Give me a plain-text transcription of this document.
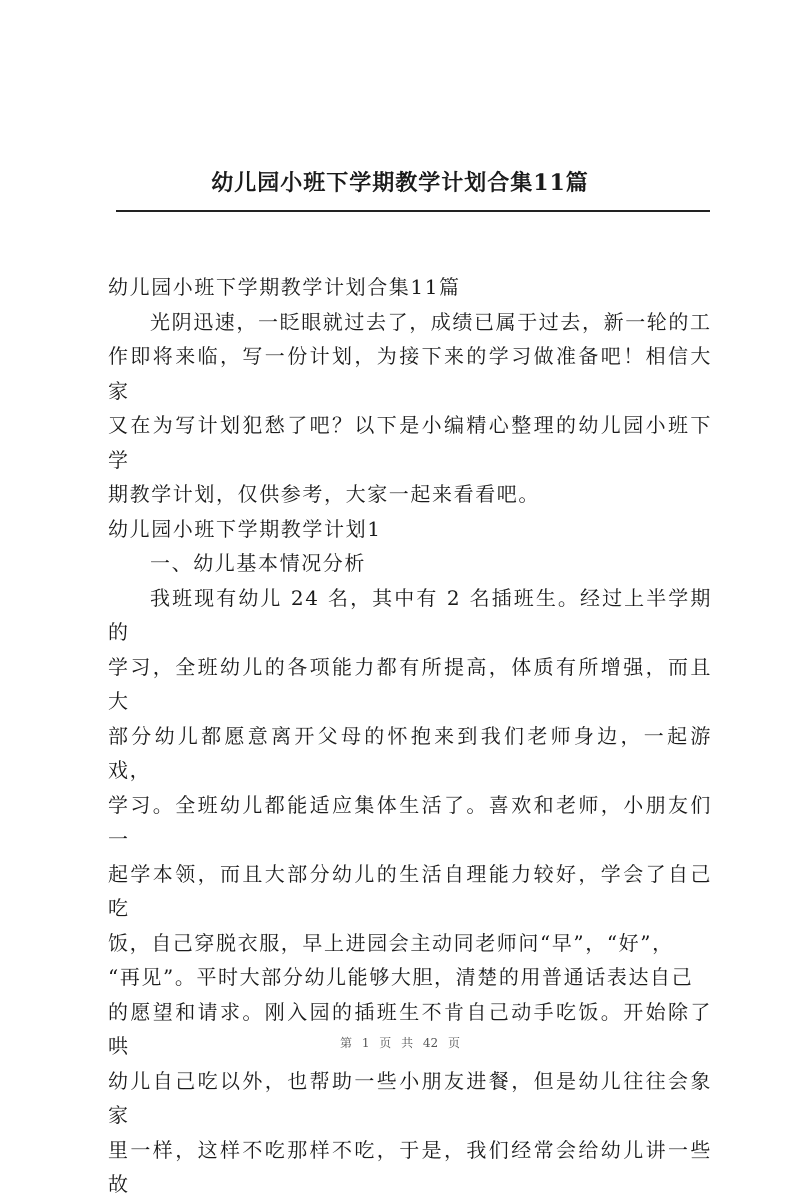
幼儿园小班下学期教学计划合集11篇

幼儿园小班下学期教学计划合集11篇

光阴迅速，一眨眼就过去了，成绩已属于过去，新一轮的工
作即将来临，写一份计划，为接下来的学习做准备吧！相信大家
又在为写计划犯愁了吧？以下是小编精心整理的幼儿园小班下学
期教学计划，仅供参考，大家一起来看看吧。

幼儿园小班下学期教学计划1

一、幼儿基本情况分析

我班现有幼儿 24 名，其中有 2 名插班生。经过上半学期的
学习，全班幼儿的各项能力都有所提高，体质有所增强，而且大
部分幼儿都愿意离开父母的怀抱来到我们老师身边，一起游戏，
学习。全班幼儿都能适应集体生活了。喜欢和老师，小朋友们一
起学本领，而且大部分幼儿的生活自理能力较好，学会了自己吃
饭，自己穿脱衣服，早上进园会主动同老师问“早”，“好”，
“再见”。平时大部分幼儿能够大胆，清楚的用普通话表达自己
的愿望和请求。刚入园的插班生不肯自己动手吃饭。开始除了哄
幼儿自己吃以外，也帮助一些小朋友进餐，但是幼儿往往会象家
里一样，这样不吃那样不吃，于是，我们经常会给幼儿讲一些故

第 1 页 共 42 页
